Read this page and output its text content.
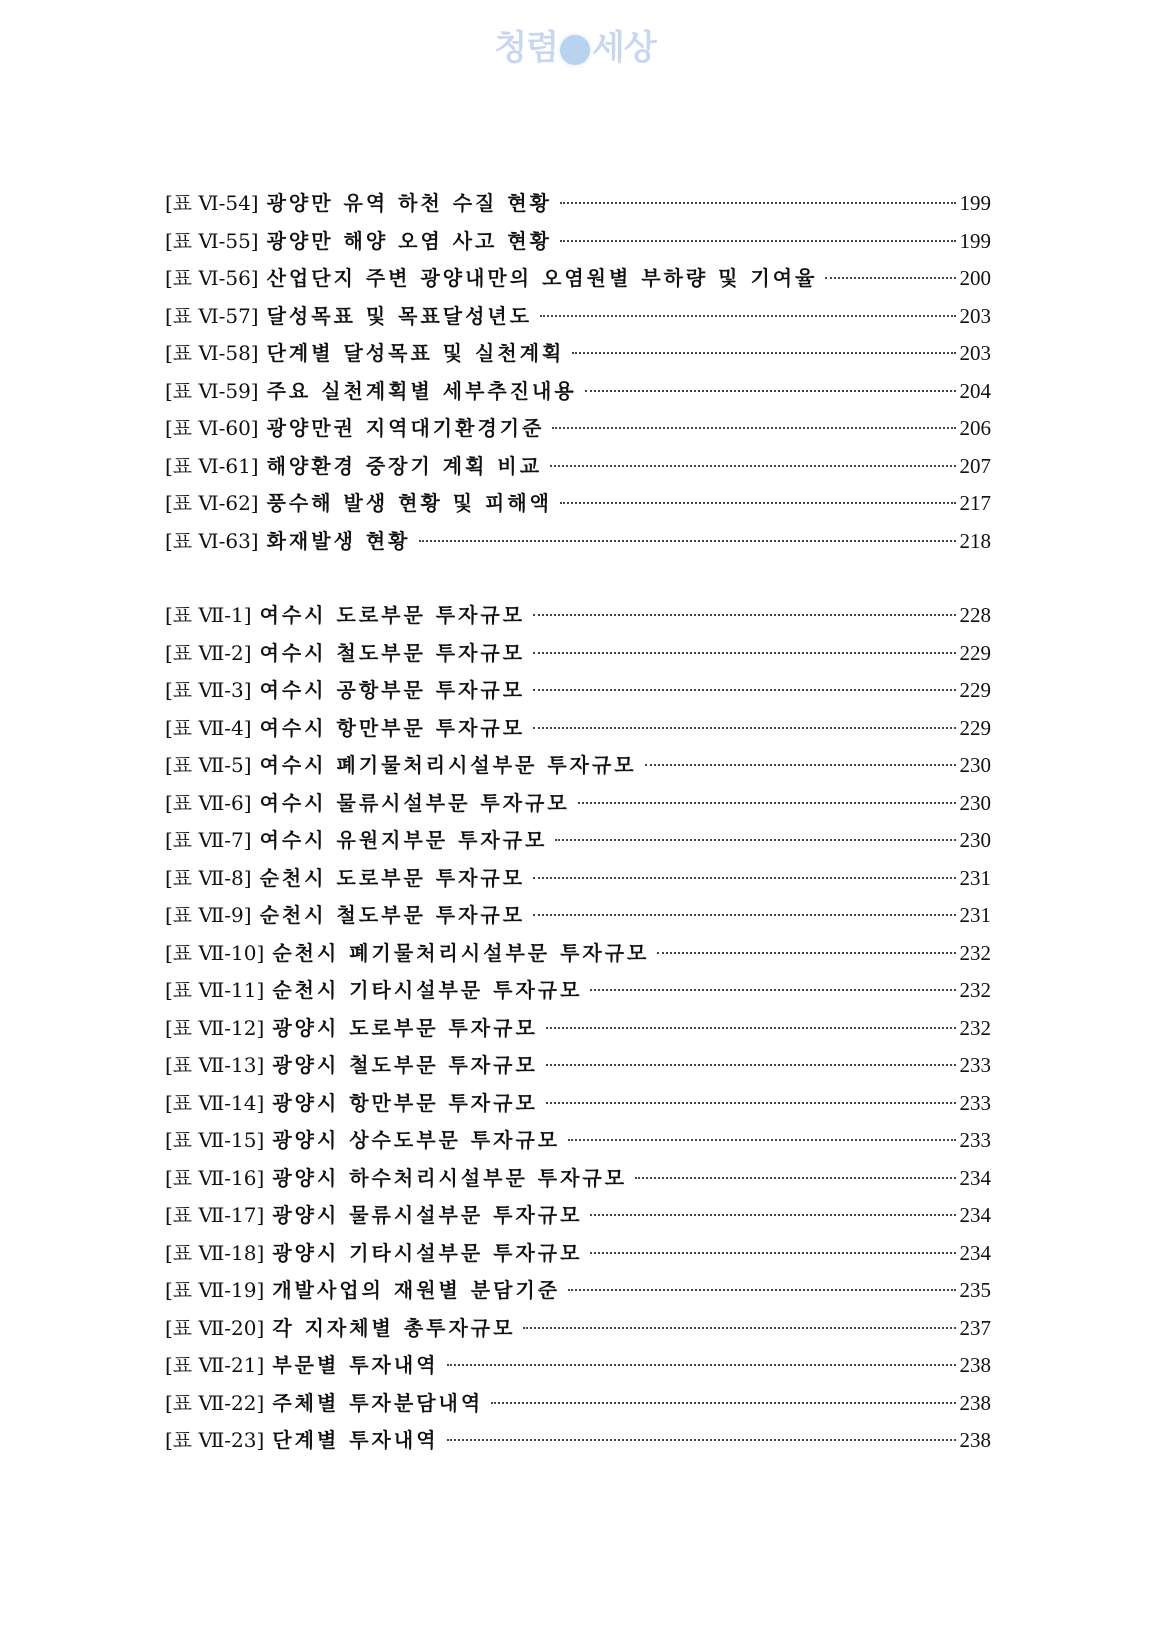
청렴 세상
[표 Ⅵ-54] 광양만 유역 하천 수질 현황	199
[표 Ⅵ-55] 광양만 해양 오염 사고 현황	199
[표 Ⅵ-56] 산업단지 주변 광양내만의 오염원별 부하량 및 기여율	200
[표 Ⅵ-57] 달성목표 및 목표달성년도	203
[표 Ⅵ-58] 단계별 달성목표 및 실천계획	203
[표 Ⅵ-59] 주요 실천계획별 세부추진내용	204
[표 Ⅵ-60] 광양만권 지역대기환경기준	206
[표 Ⅵ-61] 해양환경 중장기 계획 비교	207
[표 Ⅵ-62] 풍수해 발생 현황 및 피해액	217
[표 Ⅵ-63] 화재발생 현황	218
[표 Ⅶ-1] 여수시 도로부문 투자규모	228
[표 Ⅶ-2] 여수시 철도부문 투자규모	229
[표 Ⅶ-3] 여수시 공항부문 투자규모	229
[표 Ⅶ-4] 여수시 항만부문 투자규모	229
[표 Ⅶ-5] 여수시 폐기물처리시설부문 투자규모	230
[표 Ⅶ-6] 여수시 물류시설부문 투자규모	230
[표 Ⅶ-7] 여수시 유원지부문 투자규모	230
[표 Ⅶ-8] 순천시 도로부문 투자규모	231
[표 Ⅶ-9] 순천시 철도부문 투자규모	231
[표 Ⅶ-10] 순천시 폐기물처리시설부문 투자규모	232
[표 Ⅶ-11] 순천시 기타시설부문 투자규모	232
[표 Ⅶ-12] 광양시 도로부문 투자규모	232
[표 Ⅶ-13] 광양시 철도부문 투자규모	233
[표 Ⅶ-14] 광양시 항만부문 투자규모	233
[표 Ⅶ-15] 광양시 상수도부문 투자규모	233
[표 Ⅶ-16] 광양시 하수처리시설부문 투자규모	234
[표 Ⅶ-17] 광양시 물류시설부문 투자규모	234
[표 Ⅶ-18] 광양시 기타시설부문 투자규모	234
[표 Ⅶ-19] 개발사업의 재원별 분담기준	235
[표 Ⅶ-20] 각 지자체별 총투자규모	237
[표 Ⅶ-21] 부문별 투자내역	238
[표 Ⅶ-22] 주체별 투자분담내역	238
[표 Ⅶ-23] 단계별 투자내역	238
